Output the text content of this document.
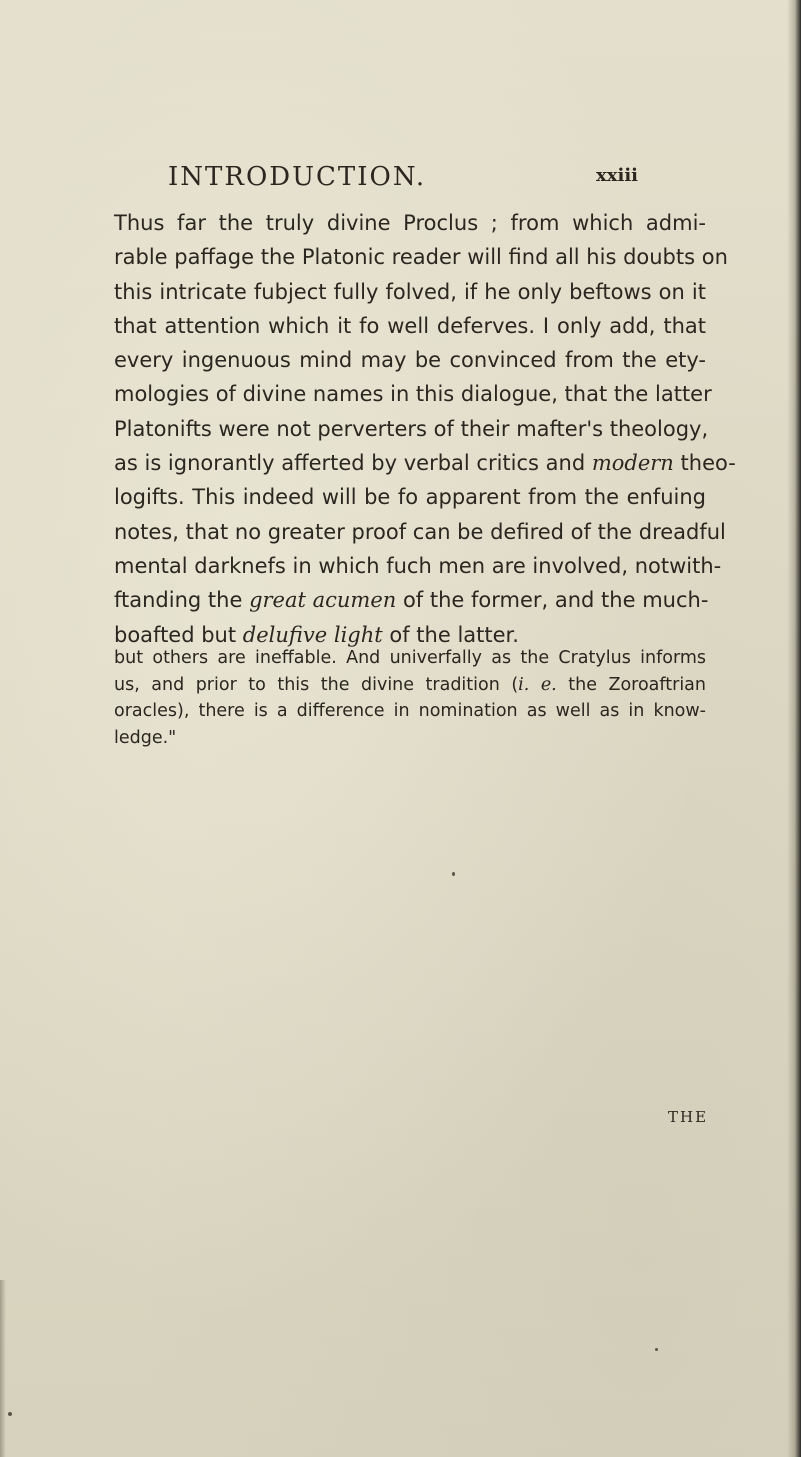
INTRODUCTION.	xxiii
Thus far the truly divine Proclus ; from which admi-
rable paffage the Platonic reader will find all his doubts on
this intricate fubject fully folved, if he only beftows on it
that attention which it fo well deferves. I only add, that
every ingenuous mind may be convinced from the ety-
mologies of divine names in this dialogue, that the latter
Platonifts were not perverters of their mafter's theology,
as is ignorantly afferted by verbal critics and modern theo-
logifts. This indeed will be fo apparent from the enfuing
notes, that no greater proof can be defired of the dreadful
mental darknefs in which fuch men are involved, notwith-
ftanding the great acumen of the former, and the much-
boafted but delufive light of the latter.
but others are ineffable. And univerfally as the Cratylus informs
us, and prior to this the divine tradition (i. e. the Zoroaftrian
oracles), there is a difference in nomination as well as in know-
ledge."
THE
